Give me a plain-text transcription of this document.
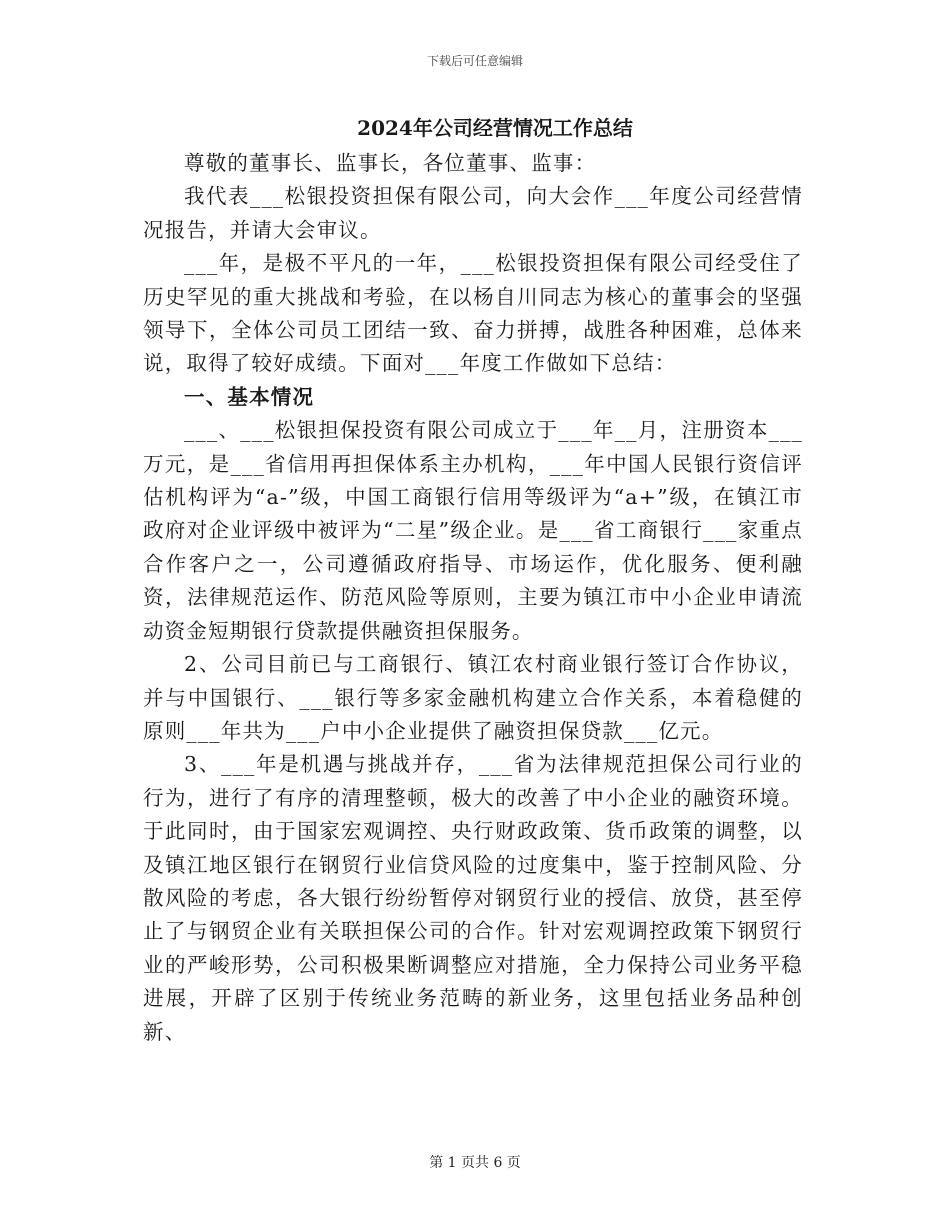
下载后可任意编辑
2024年公司经营情况工作总结

尊敬的董事长、监事长，各位董事、监事：

我代表___松银投资担保有限公司，向大会作___年度公司经营情况报告，并请大会审议。

___年，是极不平凡的一年，___松银投资担保有限公司经受住了历史罕见的重大挑战和考验，在以杨自川同志为核心的董事会的坚强领导下，全体公司员工团结一致、奋力拼搏，战胜各种困难，总体来说，取得了较好成绩。下面对___年度工作做如下总结：

一、基本情况

___、___松银担保投资有限公司成立于___年__月，注册资本___万元，是___省信用再担保体系主办机构，___年中国人民银行资信评估机构评为“a-”级，中国工商银行信用等级评为“a+”级，在镇江市政府对企业评级中被评为“二星”级企业。是___省工商银行___家重点合作客户之一，公司遵循政府指导、市场运作，优化服务、便利融资，法律规范运作、防范风险等原则，主要为镇江市中小企业申请流动资金短期银行贷款提供融资担保服务。

2、公司目前已与工商银行、镇江农村商业银行签订合作协议，并与中国银行、___银行等多家金融机构建立合作关系，本着稳健的原则___年共为___户中小企业提供了融资担保贷款___亿元。

3、___年是机遇与挑战并存，___省为法律规范担保公司行业的行为，进行了有序的清理整顿，极大的改善了中小企业的融资环境。于此同时，由于国家宏观调控、央行财政政策、货币政策的调整，以及镇江地区银行在钢贸行业信贷风险的过度集中，鉴于控制风险、分散风险的考虑，各大银行纷纷暂停对钢贸行业的授信、放贷，甚至停止了与钢贸企业有关联担保公司的合作。针对宏观调控政策下钢贸行业的严峻形势，公司积极果断调整应对措施，全力保持公司业务平稳进展，开辟了区别于传统业务范畴的新业务，这里包括业务品种创新、

第 1 页共 6 页
